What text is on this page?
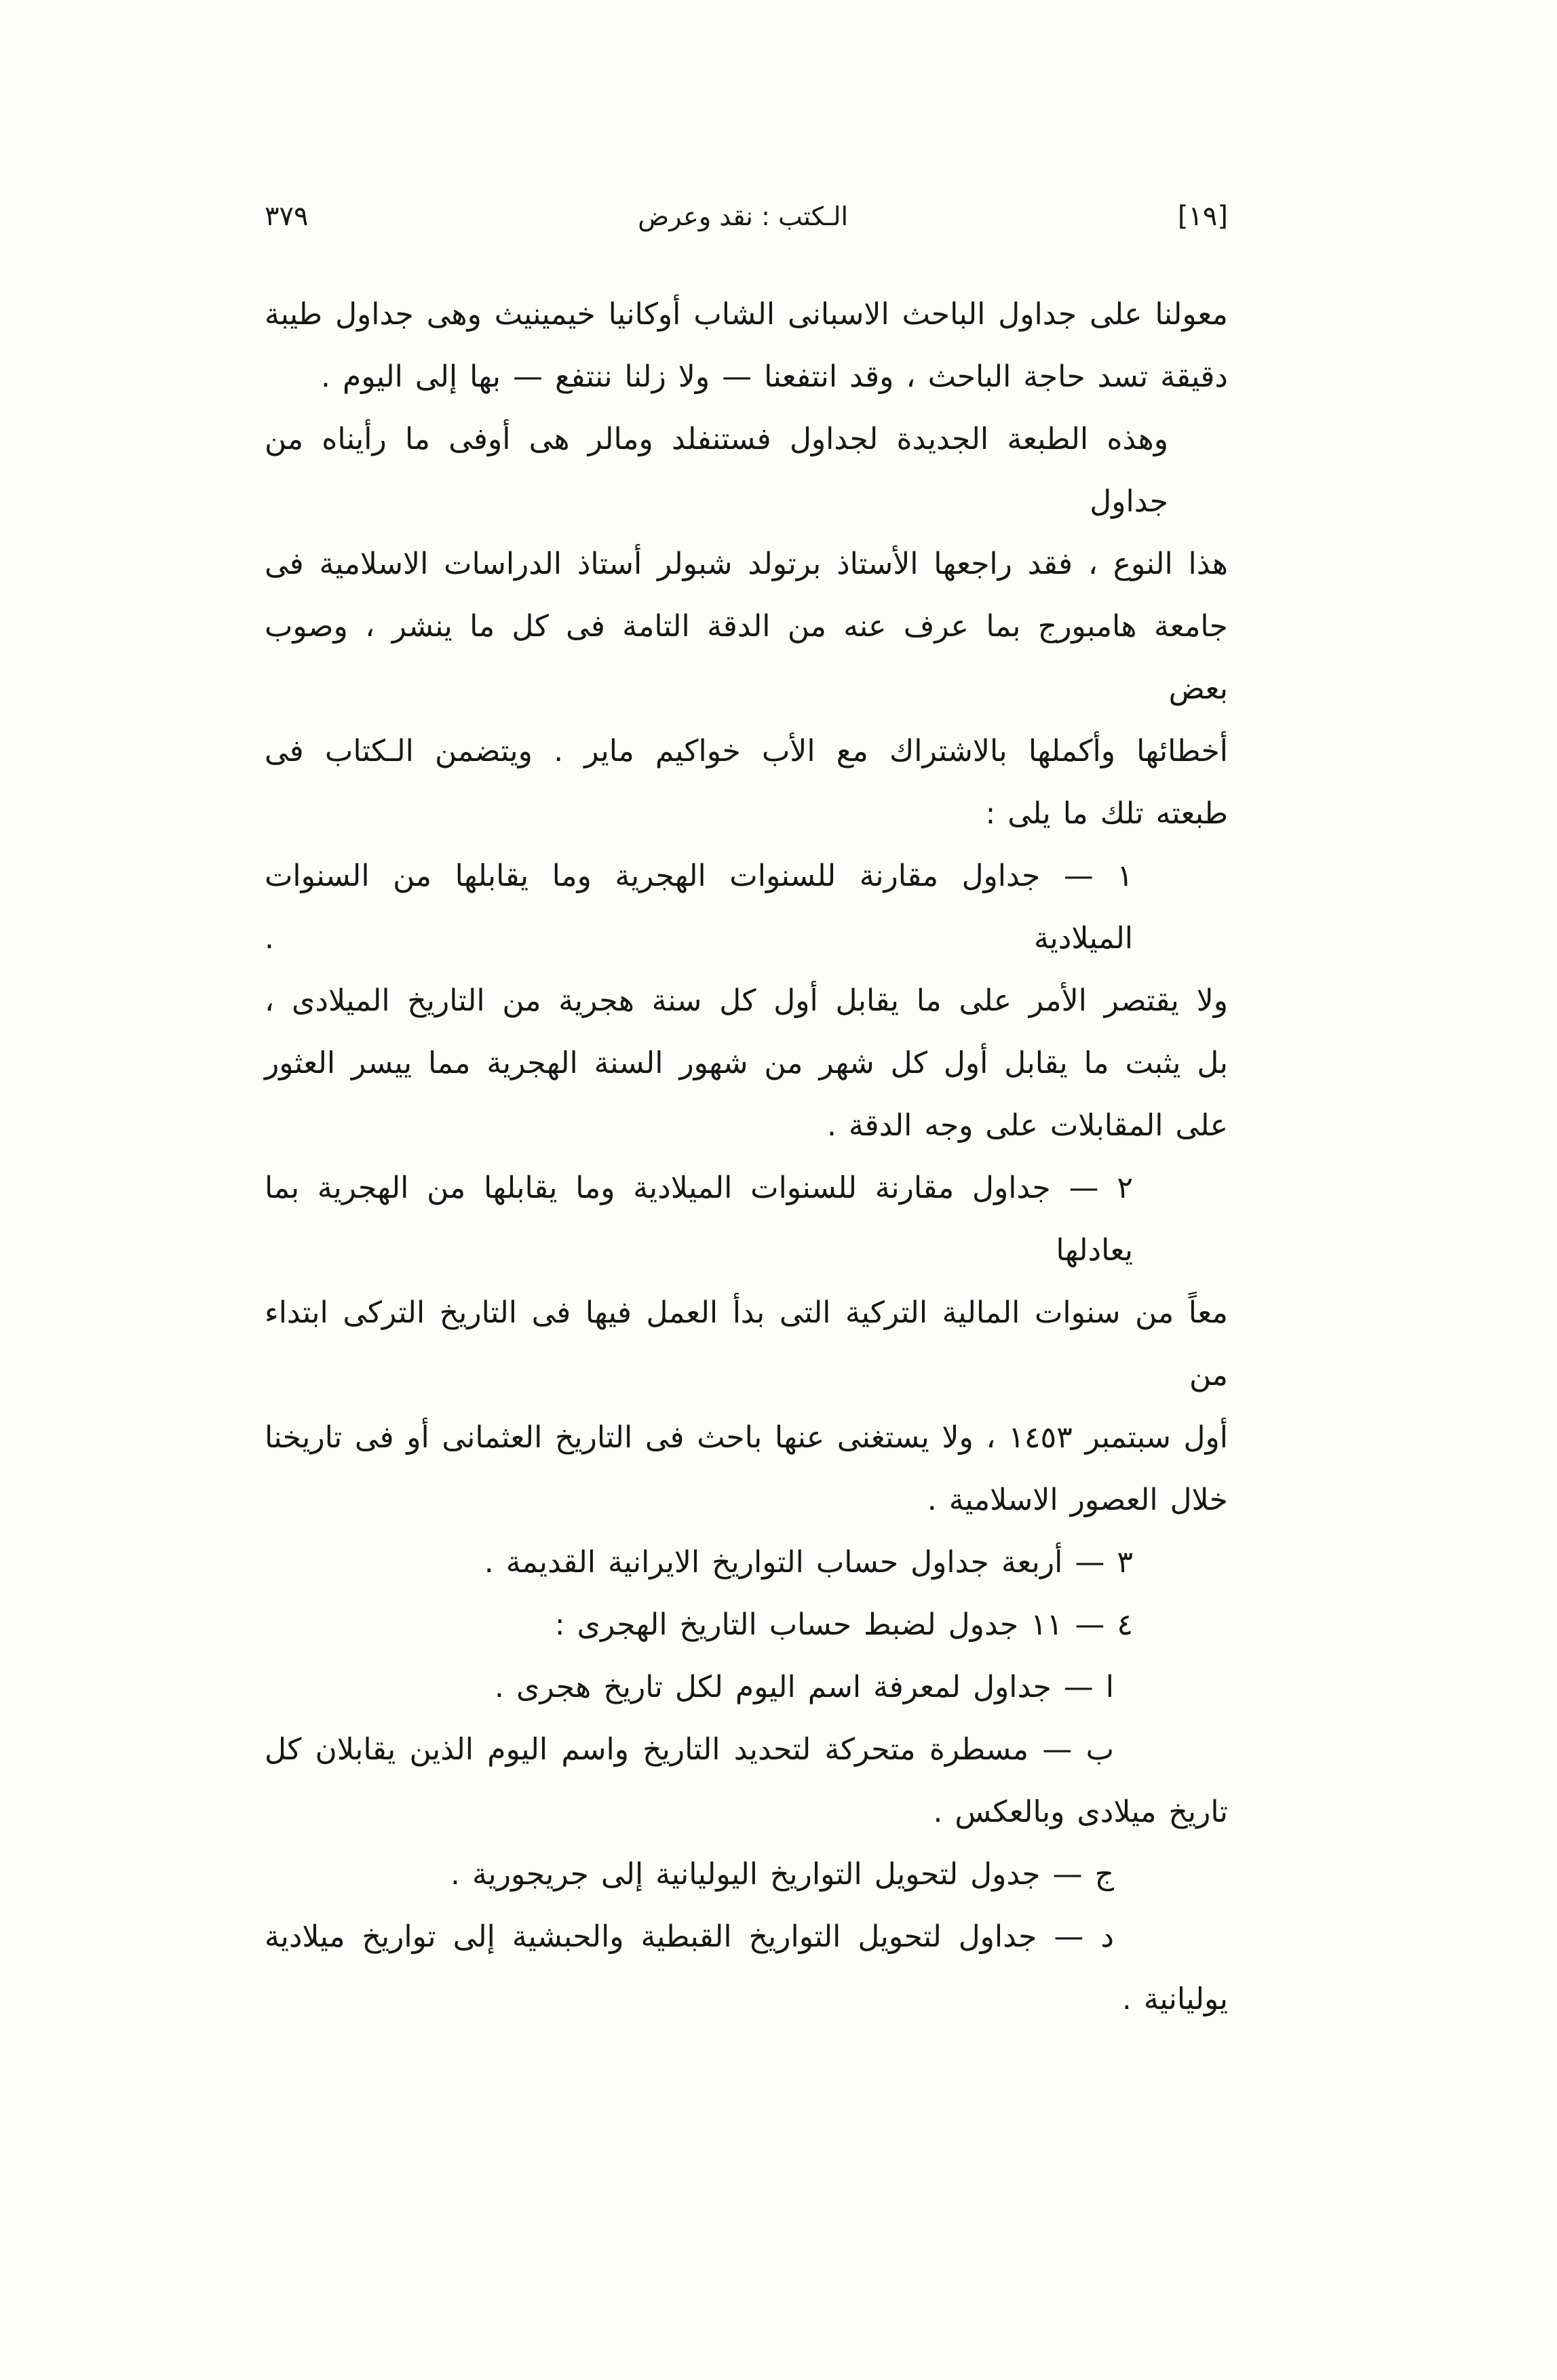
[١٩]
الـكتب : نقد وعرض
٣٧٩
معولنا على جداول الباحث الاسبانى الشاب أوكانيا خيمينيث وهى جداول طيبة
دقيقة تسد حاجة الباحث ، وقد انتفعنا — ولا زلنا ننتفع — بها إلى اليوم .
وهذه الطبعة الجديدة لجداول فستنفلد ومالر هى أوفى ما رأيناه من جداول
هذا النوع ، فقد راجعها الأستاذ برتولد شبولر أستاذ الدراسات الاسلامية فى
جامعة هامبورج بما عرف عنه من الدقة التامة فى كل ما ينشر ، وصوب بعض
أخطائها وأكملها بالاشتراك مع الأب خواكيم ماير . ويتضمن الـكتاب فى
طبعته تلك ما يلى :
١ — جداول مقارنة للسنوات الهجرية وما يقابلها من السنوات الميلادية .
ولا يقتصر الأمر على ما يقابل أول كل سنة هجرية من التاريخ الميلادى ،
بل يثبت ما يقابل أول كل شهر من شهور السنة الهجرية مما ييسر العثور
على المقابلات على وجه الدقة .
٢ — جداول مقارنة للسنوات الميلادية وما يقابلها من الهجرية بما يعادلها
معاً من سنوات المالية التركية التى بدأ العمل فيها فى التاريخ التركى ابتداء من
أول سبتمبر ١٤٥٣ ، ولا يستغنى عنها باحث فى التاريخ العثمانى أو فى تاريخنا
خلال العصور الاسلامية .
٣ — أربعة جداول حساب التواريخ الايرانية القديمة .
٤ — ١١ جدول لضبط حساب التاريخ الهجرى :
ا — جداول لمعرفة اسم اليوم لكل تاريخ هجرى .
ب — مسطرة متحركة لتحديد التاريخ واسم اليوم الذين يقابلان كل
تاريخ ميلادى وبالعكس .
ج — جدول لتحويل التواريخ اليوليانية إلى جريجورية .
د — جداول لتحويل التواريخ القبطية والحبشية إلى تواريخ ميلادية
يوليانية .
